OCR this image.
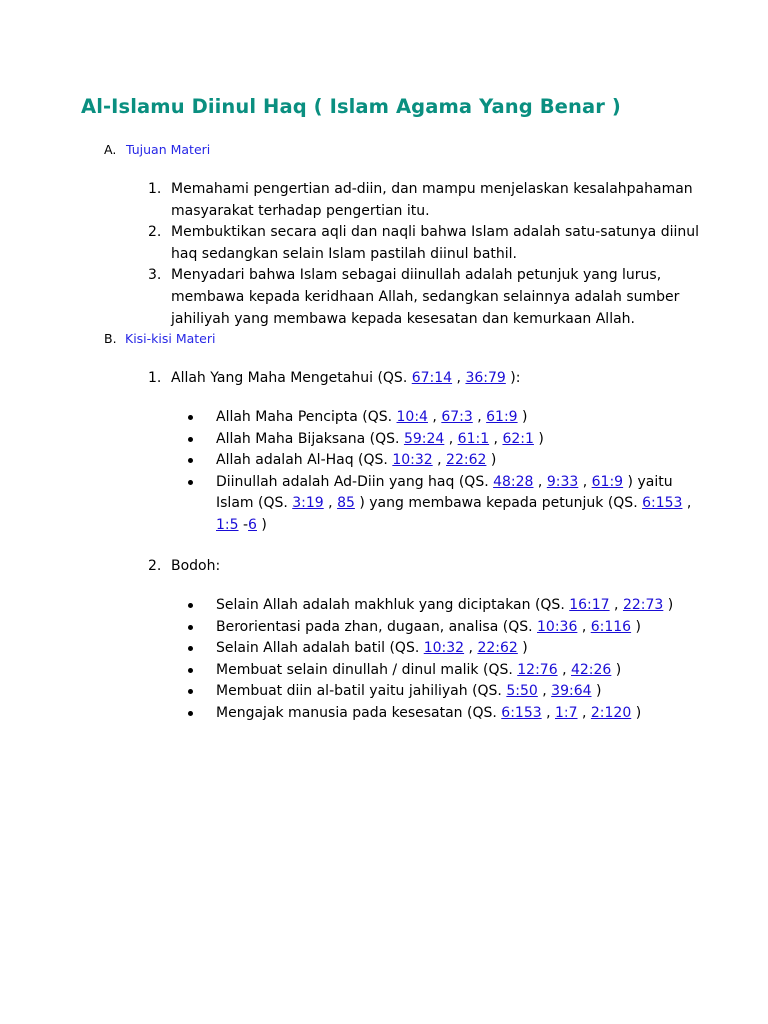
Al-Islamu Diinul Haq ( Islam Agama Yang Benar )
A. Tujuan Materi
1. Memahami pengertian ad-diin, dan mampu menjelaskan kesalahpahaman
masyarakat terhadap pengertian itu.
2. Membuktikan secara aqli dan naqli bahwa Islam adalah satu-satunya diinul
haq sedangkan selain Islam pastilah diinul bathil.
3. Menyadari bahwa Islam sebagai diinullah adalah petunjuk yang lurus,
membawa kepada keridhaan Allah, sedangkan selainnya adalah sumber
jahiliyah yang membawa kepada kesesatan dan kemurkaan Allah.
B. Kisi-kisi Materi
1. Allah Yang Maha Mengetahui (QS. 67:14 , 36:79 ):
Allah Maha Pencipta (QS. 10:4 , 67:3 , 61:9 )
Allah Maha Bijaksana (QS. 59:24 , 61:1 , 62:1 )
Allah adalah Al-Haq (QS. 10:32 , 22:62 )
Diinullah adalah Ad-Diin yang haq (QS. 48:28 , 9:33 , 61:9 ) yaitu
Islam (QS. 3:19 , 85 ) yang membawa kepada petunjuk (QS. 6:153 ,
1:5 -6 )
2. Bodoh:
Selain Allah adalah makhluk yang diciptakan (QS. 16:17 , 22:73 )
Berorientasi pada zhan, dugaan, analisa (QS. 10:36 , 6:116 )
Selain Allah adalah batil (QS. 10:32 , 22:62 )
Membuat selain dinullah / dinul malik (QS. 12:76 , 42:26 )
Membuat diin al-batil yaitu jahiliyah (QS. 5:50 , 39:64 )
Mengajak manusia pada kesesatan (QS. 6:153 , 1:7 , 2:120 )
